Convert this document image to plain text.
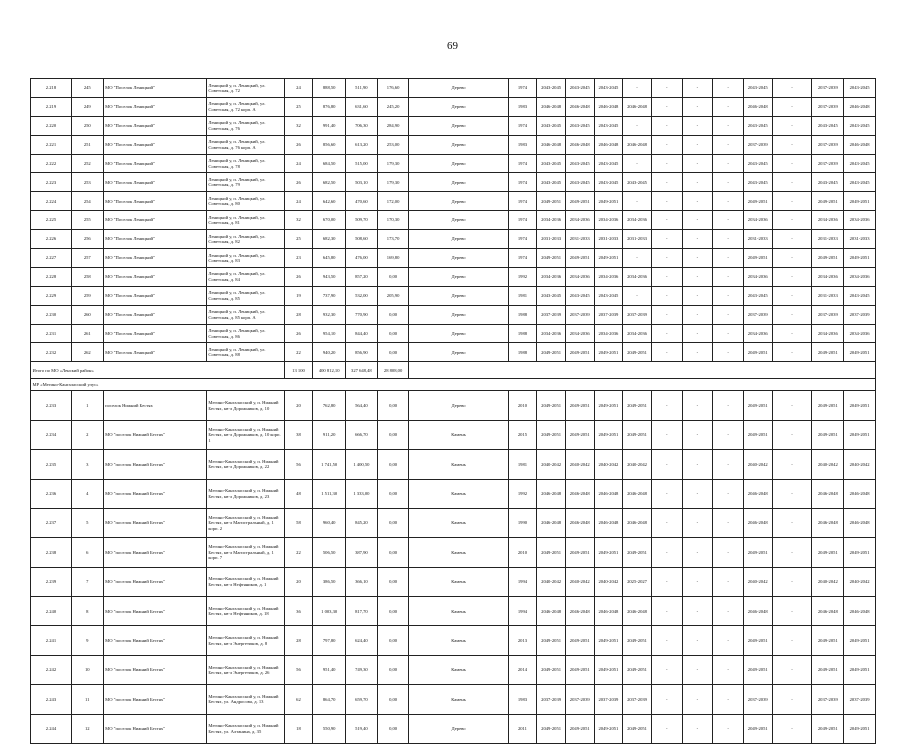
69
2.218	245	МО "Поселок Леницкий"	Леницкий у, п. Леницкий, ул. Советская, д. 72	24	888,50	511,90	176,60	Дерево	1974	2043-2045	2043-2045	2043-2045	-	-	-	-	2043-2045	-	2037-2039	2043-2045
2.219	249	МО "Поселок Леницкий"	Леницкий у, п. Леницкий, ул. Советская, д. 72 корп. А	25	876,80	631,60	245,20	Дерево	1983	2046-2048	2046-2048	2046-2048	2046-2048	-	-	-	2046-2048	-	2037-2039	2046-2048
2.220	250	МО "Поселок Леницкий"	Леницкий у, п. Леницкий, ул. Советская, д. 76	32	991,40	706,30	284,90	Дерево	1974	2043-2045	2043-2045	2043-2045	-	-	-	-	2043-2045	-	2043-2045	2043-2045
2.221	251	МО "Поселок Леницкий"	Леницкий у, п. Леницкий, ул. Советская, д. 76 корп. А	26	856,60	613,20	253,00	Дерево	1983	2046-2048	2046-2048	2046-2048	2046-2048	-	-	-	2037-2039	-	2037-2039	2046-2048
2.222	252	МО "Поселок Леницкий"	Леницкий у, п. Леницкий, ул. Советская, д. 78	24	684,50	515,00	179,30	Дерево	1974	2043-2045	2043-2045	2043-2045	-	-	-	-	2043-2045	-	2037-2039	2043-2045
2.223	253	МО "Поселок Леницкий"	Леницкий у, п. Леницкий, ул. Советская, д. 79	26	682,50	503,10	179,30	Дерево	1974	2043-2045	2043-2045	2043-2045	2043-2045	-	-	-	2043-2045	-	2043-2045	2043-2045
2.224	254	МО "Поселок Леницкий"	Леницкий у, п. Леницкий, ул. Советская, д. 80	24	642,60	470,60	172,00	Дерево	1974	2049-2051	2049-2051	2049-2051	-	-	-	-	2049-2051	-	2049-2051	2049-2051
2.225	255	МО "Поселок Леницкий"	Леницкий у, п. Леницкий, ул. Советская, д. 81	32	670,00	509,70	170,30	Дерево	1974	2034-2036	2034-2036	2034-2036	2034-2036	-	-	-	2034-2036	-	2034-2036	2034-2036
2.226	256	МО "Поселок Леницкий"	Леницкий у, п. Леницкий, ул. Советская, д. 82	25	682,30	508,60	173,70	Дерево	1974	2031-2033	2031-2033	2031-2033	2031-2033	-	-	-	2031-2033	-	2031-2033	2031-2033
2.227	257	МО "Поселок Леницкий"	Леницкий у, п. Леницкий, ул. Советская, д. 83	23	645,80	476,00	169,80	Дерево	1974	2049-2051	2049-2051	2049-2051	-	-	-	-	2049-2051	-	2049-2051	2049-2051
2.228	258	МО "Поселок Леницкий"	Леницкий у, п. Леницкий, ул. Советская, д. 84	26	943,50	857,20	0,00	Дерево	1992	2034-2036	2034-2036	2034-2036	2034-2036	-	-	-	2034-2036	-	2034-2036	2034-2036
2.229	259	МО "Поселок Леницкий"	Леницкий у, п. Леницкий, ул. Советская, д. 85	19	737,90	532,00	205,90	Дерево	1981	2043-2045	2043-2045	2043-2045	-	-	-	-	2043-2045	-	2031-2033	2043-2045
2.230	260	МО "Поселок Леницкий"	Леницкий у, п. Леницкий, ул. Советская, д. 85 корп. А	28	932,30	770,90	0,00	Дерево	1988	2037-2039	2037-2039	2037-2039	2037-2039	-	-	-	2037-2039	-	2037-2039	2037-2039
2.231	261	МО "Поселок Леницкий"	Леницкий у, п. Леницкий, ул. Советская, д. 86	26	954,10	844,40	0,00	Дерево	1988	2034-2036	2034-2036	2034-2036	2034-2036	-	-	-	2034-2036	-	2034-2036	2034-2036
2.232	262	МО "Поселок Леницкий"	Леницкий у, п. Леницкий, ул. Советская, д. 88	22	940,20	856,90	0,00	Дерево	1988	2049-2051	2049-2051	2049-2051	2049-2051	-	-	-	2049-2051	-	2049-2051	2049-2051
Итого по МО «Ленский район»				13 100	400 812,10	327 648,48	28 808,00													
МР «Мегино-Кангаласский улус»																				
2.233	1	поселок Нижний Бестях	Мегино-Кангаласский у, п. Нижний Бестях, кв-л Дорожников, д. 10	20	762,80	564,40	0,00	Дерево	2010	2049-2051	2049-2051	2049-2051	2049-2051	-	-	-	2049-2051	-	2049-2051	2049-2051
2.234	2	МО "поселок Нижний Бестях"	Мегино-Кангаласский у, п. Нижний Бестях, кв-л Дорожников, д. 10 корп. 1	38	911,20	666,70	0,00	Камень	2015	2049-2051	2049-2051	2049-2051	2049-2051	-	-	-	2049-2051	-	2049-2051	2049-2051
2.235	3	МО "поселок Нижний Бестях"	Мегино-Кангаласский у, п. Нижний Бестях, кв-л Дорожников, д. 22	56	1 741,50	1 400,50	0,00	Камень	1981	2040-2042	2040-2042	2040-2042	2040-2042	-	-	-	2040-2042	-	2040-2042	2040-2042
2.236	4	МО "поселок Нижний Бестях"	Мегино-Кангаласский у, п. Нижний Бестях, кв-л Дорожников, д. 23	48	1 511,30	1 333,00	0,00	Камень	1992	2046-2048	2046-2048	2046-2048	2046-2048	-	-	-	2046-2048	-	2046-2048	2046-2048
2.237	5	МО "поселок Нижний Бестях"	Мегино-Кангаласский у, п. Нижний Бестях, кв-л Магистральный, д. 1 корп. 2	58	960,40	845,20	0,00	Камень	1990	2046-2048	2046-2048	2046-2048	2046-2048	-	-	-	2046-2048	-	2046-2048	2046-2048
2.238	6	МО "поселок Нижний Бестях"	Мегино-Кангаласский у, п. Нижний Бестях, кв-л Магистральный, д. 1 корп. 7	22	506,50	387,90	0,00	Камень	2010	2049-2051	2049-2051	2049-2051	2049-2051	-	-	-	2049-2051	-	2049-2051	2049-2051
2.239	7	МО "поселок Нижний Бестях"	Мегино-Кангаласский у, п. Нижний Бестях, кв-л Нефтяников, д. 1	20	386,50	366,10	0,00	Камень	1994	2040-2042	2040-2042	2040-2042	2025-2027	-	-	-	2040-2042	-	2040-2042	2040-2042
2.240	8	МО "поселок Нижний Бестях"	Мегино-Кангаласский у, п. Нижний Бестях, кв-л Нефтяников, д. 18	36	1 003,30	817,70	0,00	Камень	1994	2046-2048	2046-2048	2046-2048	2046-2048	-	-	-	2046-2048	-	2046-2048	2046-2048
2.241	9	МО "поселок Нижний Бестях"	Мегино-Кангаласский у, п. Нижний Бестях, кв-л Энергетиков, д. 8	28	797,80	624,40	0,00	Камень	2013	2049-2051	2049-2051	2049-2051	2049-2051	-	-	-	2049-2051	-	2049-2051	2049-2051
2.242	10	МО "поселок Нижний Бестях"	Мегино-Кангаласский у, п. Нижний Бестях, кв-л Энергетиков, д. 26	56	951,40	749,30	0,00	Камень	2014	2049-2051	2049-2051	2049-2051	2049-2051	-	-	-	2049-2051	-	2049-2051	2049-2051
2.243	11	МО "поселок Нижний Бестях"	Мегино-Кангаласский у, п. Нижний Бестях, ул. Андросова, д. 13	62	864,70	659,70	0,00	Камень	1983	2037-2039	2037-2039	2037-2039	2037-2039	-	-	-	2037-2039	-	2037-2039	2037-2039
2.244	12	МО "поселок Нижний Бестях"	Мегино-Кангаласский у, п. Нижний Бестях, ул. Алтанина, д. 35	18	550,90	519,40	0,00	Дерево	2011	2049-2051	2049-2051	2049-2051	2049-2051	-	-	-	2049-2051	-	2049-2051	2049-2051
